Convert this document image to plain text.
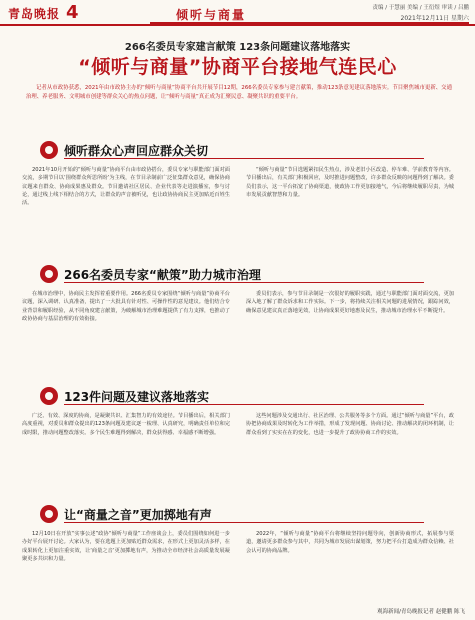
青岛晚报 4	倾听与商量	责编 / 于慧丽 美编 / 王衍煜 审读 / 吕鹏
2021年12月11日 星期六
266名委员专家建言献策 123条问题建议落地落实
“倾听与商量”协商平台接地气连民心
记者从市政协获悉，2021年由市政协主办的“倾听与商量”协商平台共开展节目12期，266名委员专家参与建言献策，推动123条意见建议落地落实。节目聚焦城市更新、交通治理、养老服务、文明城市创建等群众关心的热点问题，让“倾听与商量”真正成为汇聚民意、凝聚共识的重要平台。
倾听群众心声回应群众关切

2021年10月开始的“倾听与商量”协商平台由市政协搭台，委员专家与职能部门面对面交流，多期节目以‘围绕群众所思所盼’为主线，在节目录制前广泛征集群众意见，确保协商议题来自群众、协商成果惠及群众。节目邀请社区居民、企业代表等走进演播室，参与讨论，通过线上线下相结合的方式，让群众的声音被听见，也让政协协商民主更加贴近百姓生活。

“倾听与商量”节目选题紧扣民生热点，涉及老旧小区改造、停车难、学前教育等内容。节目播出后，有关部门积极回应，及时推进问题整改，许多群众反映的问题得到了解决。委员们表示，这一平台拓宽了协商渠道，使政协工作更加接地气，今后将继续履职尽责，为城市发展贡献智慧和力量。

266名委员专家“献策”助力城市治理

在城市治理中，协商民主发挥着重要作用。266名委员专家围绕“倾听与商量”协商平台议题，深入调研、认真准备，提出了一大批具有针对性、可操作性的意见建议。他们结合专业背景和履职经验，从不同角度建言献策，为破解城市治理难题提供了有力支撑，也推动了政协协商与基层治理的有效衔接。

委员们表示，参与节目录制是一次很好的履职实践，通过与职能部门面对面交流，更加深入地了解了群众诉求和工作实际。下一步，将持续关注相关问题的进展情况，跟踪问效，确保意见建议真正落地见效，让协商成果更好地惠及民生，推动城市治理水平不断提升。

123件问题及建议落地落实

广泛、有效、深度的协商，是凝聚共识、汇集智力的有效途径。节目播出后，相关部门高度重视，对委员和群众提出的123条问题及建议逐一梳理、认真研究，明确责任单位和完成时限，推动问题整改落实。多个民生难题得到解决，群众获得感、幸福感不断增强。

这些问题涉及交通出行、社区治理、公共服务等多个方面。通过“倾听与商量”平台，政协把协商成果及时转化为工作举措，形成了发现问题、协商讨论、推动解决的闭环机制，让群众看到了实实在在的变化，也进一步提升了政协协商工作的实效。

让“商量之音”更加掷地有声

12月10日在开放“实事公述”政协“倾听与商量”工作座谈会上，委员们围绕如何进一步办好平台展开讨论。大家认为，要在选题上更加贴近群众需求，在形式上更加灵活多样，在成果转化上更加注重实效，让‘商量之音’更加掷地有声，为推动全市经济社会高质量发展凝聚更多共识和力量。

2022年，“倾听与商量”协商平台将继续坚持问题导向，创新协商形式，拓展参与渠道，邀请更多群众参与其中，共同为城市发展出谋划策，努力把平台打造成为群众信赖、社会认可的协商品牌。

观海新闻/青岛晚报记者 赵健鹏 陈飞
